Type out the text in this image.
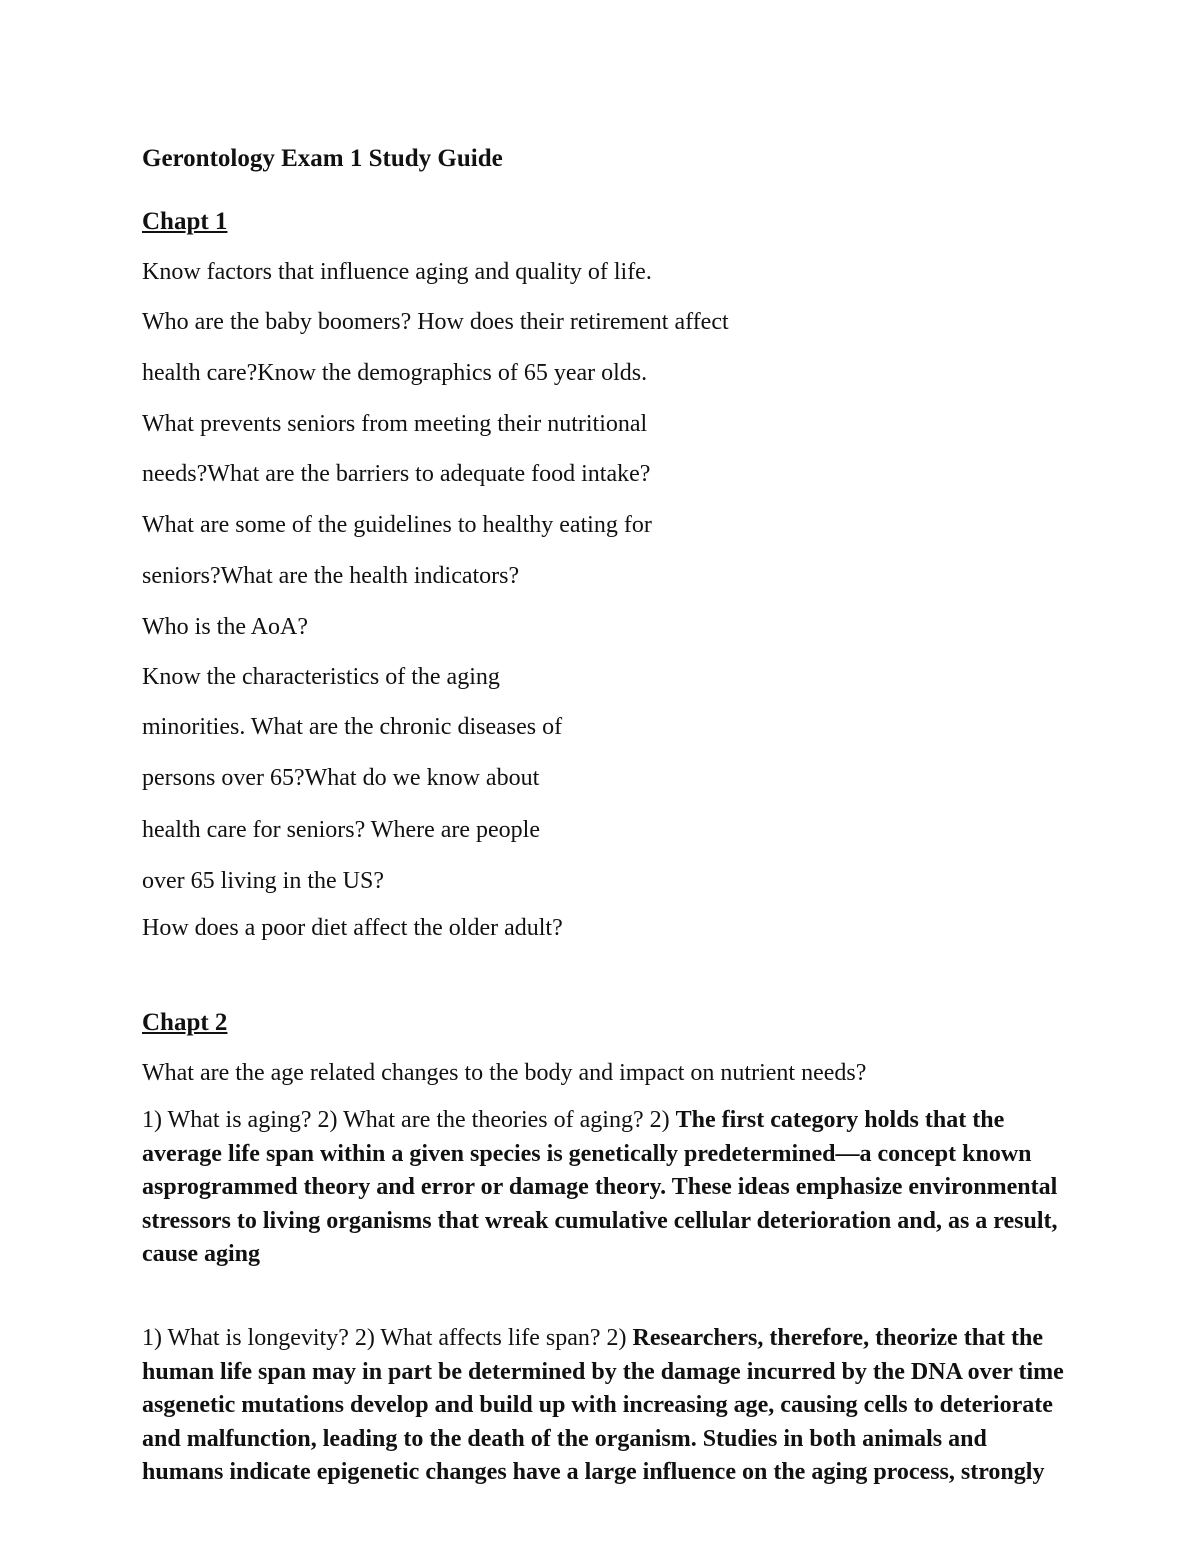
Gerontology Exam 1 Study Guide
Chapt 1
Know factors that influence aging and quality of life.
Who are the baby boomers? How does their retirement affect
health care?Know the demographics of 65 year olds.
What prevents seniors from meeting their nutritional
needs?What are the barriers to adequate food intake?
What are some of the guidelines to healthy eating for
seniors?What are the health indicators?
Who is the AoA?
Know the characteristics of the aging
minorities. What are the chronic diseases of
persons over 65?What do we know about
health care for seniors? Where are people
over 65 living in the US?
How does a poor diet affect the older adult?
Chapt 2
What are the age related changes to the body and impact on nutrient needs?
1) What is aging? 2) What are the theories of aging? 2) The first category holds that the average life span within a given species is genetically predetermined—a concept known asprogrammed theory and error or damage theory. These ideas emphasize environmental stressors to living organisms that wreak cumulative cellular deterioration and, as a result, cause aging
1) What is longevity? 2) What affects life span? 2) Researchers, therefore, theorize that the human life span may in part be determined by the damage incurred by the DNA over time asgenetic mutations develop and build up with increasing age, causing cells to deteriorate and malfunction, leading to the death of the organism. Studies in both animals and humans indicate epigenetic changes have a large influence on the aging process, strongly
